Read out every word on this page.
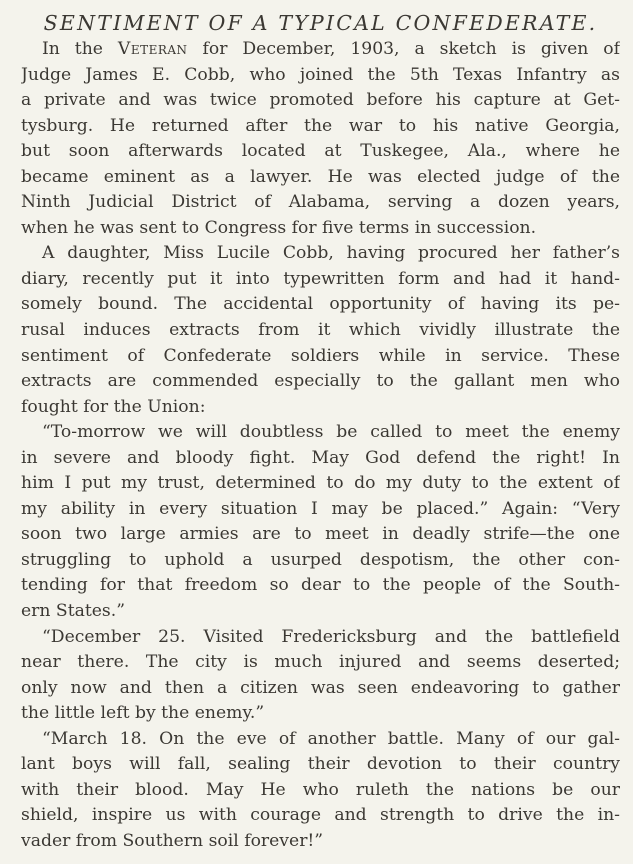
SENTIMENT OF A TYPICAL CONFEDERATE.
In the Veteran for December, 1903, a sketch is given of
Judge James E. Cobb, who joined the 5th Texas Infantry as
a private and was twice promoted before his capture at Get-
tysburg. He returned after the war to his native Georgia,
but soon afterwards located at Tuskegee, Ala., where he
became eminent as a lawyer. He was elected judge of the
Ninth Judicial District of Alabama, serving a dozen years,
when he was sent to Congress for five terms in succession.
A daughter, Miss Lucile Cobb, having procured her father’s
diary, recently put it into typewritten form and had it hand-
somely bound. The accidental opportunity of having its pe-
rusal induces extracts from it which vividly illustrate the
sentiment of Confederate soldiers while in service. These
extracts are commended especially to the gallant men who
fought for the Union:
“To-morrow we will doubtless be called to meet the enemy
in severe and bloody fight. May God defend the right! In
him I put my trust, determined to do my duty to the extent of
my ability in every situation I may be placed.” Again: “Very
soon two large armies are to meet in deadly strife—the one
struggling to uphold a usurped despotism, the other con-
tending for that freedom so dear to the people of the South-
ern States.”
“December 25. Visited Fredericksburg and the battlefield
near there. The city is much injured and seems deserted;
only now and then a citizen was seen endeavoring to gather
the little left by the enemy.”
“March 18. On the eve of another battle. Many of our gal-
lant boys will fall, sealing their devotion to their country
with their blood. May He who ruleth the nations be our
shield, inspire us with courage and strength to drive the in-
vader from Southern soil forever!”
